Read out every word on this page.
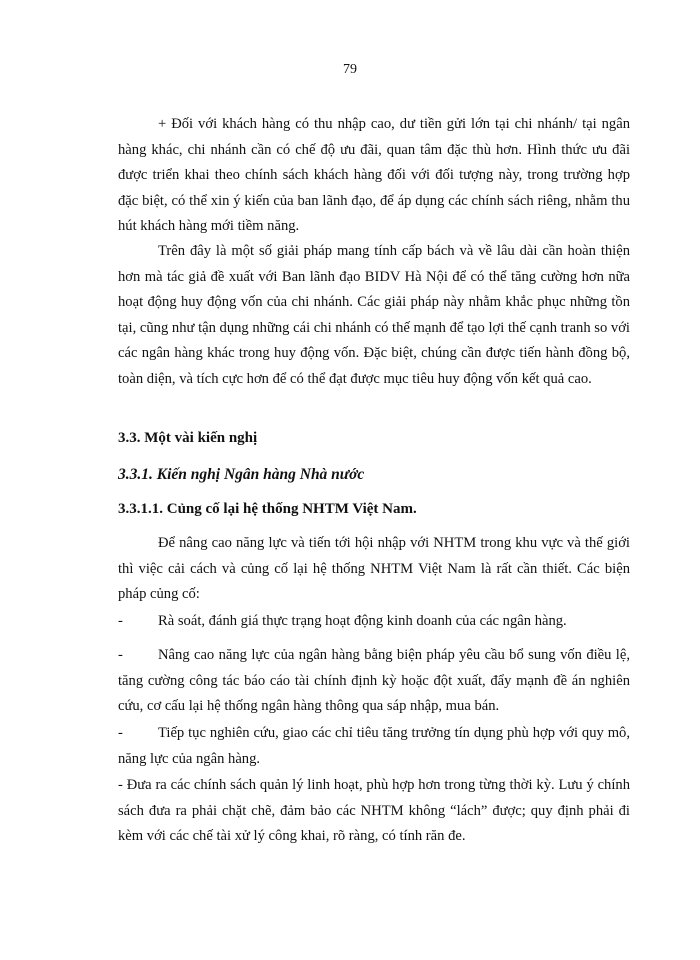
79

+ Đối với khách hàng có thu nhập cao, dư tiền gửi lớn tại chi nhánh/ tại ngân hàng khác, chi nhánh cần có chế độ ưu đãi, quan tâm đặc thù hơn. Hình thức ưu đãi được triển khai theo chính sách khách hàng đối với đối tượng này, trong trường hợp đặc biệt, có thể xin ý kiến của ban lãnh đạo, để áp dụng các chính sách riêng, nhằm thu hút khách hàng mới tiềm năng.

Trên đây là một số giải pháp mang tính cấp bách và về lâu dài cần hoàn thiện hơn mà tác giả đề xuất với Ban lãnh đạo BIDV Hà Nội để có thể tăng cường hơn nữa hoạt động huy động vốn của chi nhánh. Các giải pháp này nhằm khắc phục những tồn tại, cũng như tận dụng những cái chi nhánh có thế mạnh để tạo lợi thế cạnh tranh so với các ngân hàng khác trong huy động vốn. Đặc biệt, chúng cần được tiến hành đồng bộ, toàn diện, và tích cực hơn để có thể đạt được mục tiêu huy động vốn kết quả cao.

3.3. Một vài kiến nghị
3.3.1. Kiến nghị Ngân hàng Nhà nước
3.3.1.1. Củng cố lại hệ thống NHTM Việt Nam.

Để nâng cao năng lực và tiến tới hội nhập với NHTM trong khu vực và thế giới thì việc cải cách và củng cố lại hệ thống NHTM Việt Nam là rất cần thiết. Các biện pháp củng cố:

-	Rà soát, đánh giá thực trạng hoạt động kinh doanh của các ngân hàng.
-	Nâng cao năng lực của ngân hàng bằng biện pháp yêu cầu bổ sung vốn điều lệ, tăng cường công tác báo cáo tài chính định kỳ hoặc đột xuất, đẩy mạnh đề án nghiên cứu, cơ cấu lại hệ thống ngân hàng thông qua sáp nhập, mua bán.
-	Tiếp tục nghiên cứu, giao các chỉ tiêu tăng trưởng tín dụng phù hợp với quy mô, năng lực của ngân hàng.

- Đưa ra các chính sách quản lý linh hoạt, phù hợp hơn trong từng thời kỳ. Lưu ý chính sách đưa ra phải chặt chẽ, đảm bảo các NHTM không “lách” được; quy định phải đi kèm với các chế tài xử lý công khai, rõ ràng, có tính răn đe.
